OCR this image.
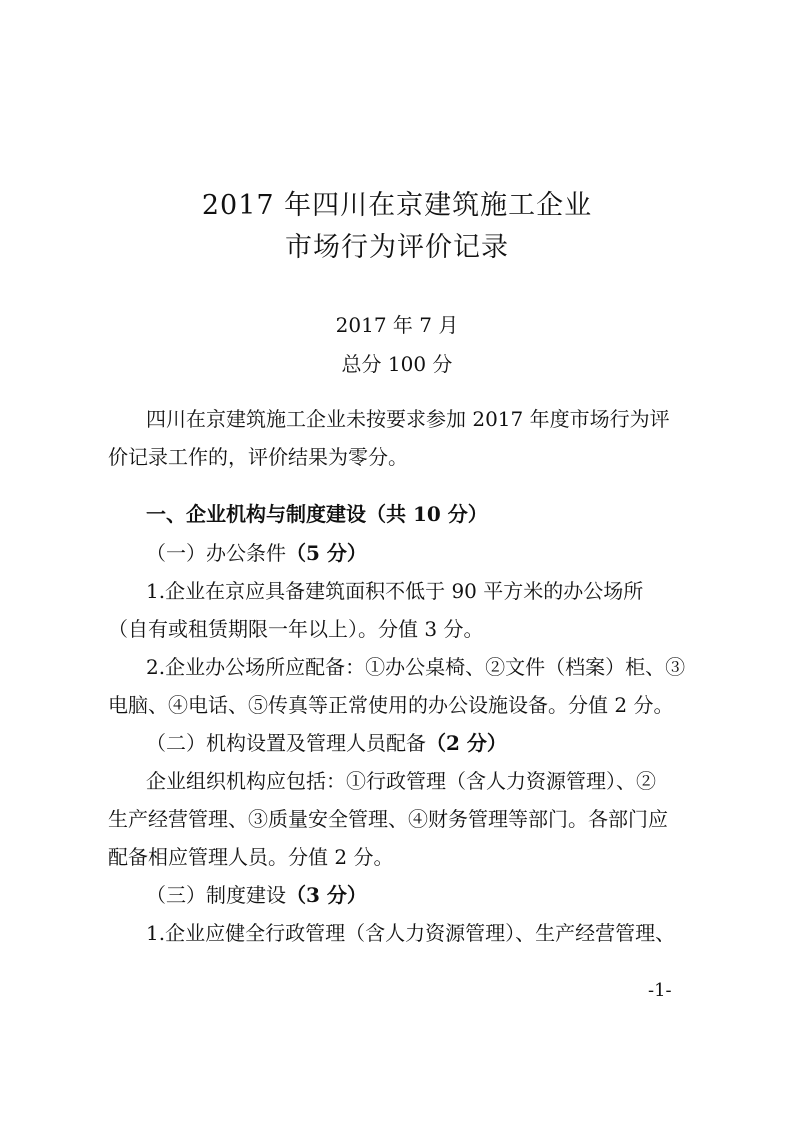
2017 年四川在京建筑施工企业
市场行为评价记录
2017 年 7 月
总分 100 分
四川在京建筑施工企业未按要求参加 2017 年度市场行为评
价记录工作的，评价结果为零分。
一、企业机构与制度建设（共 10 分）
（一）办公条件（5 分）
1.企业在京应具备建筑面积不低于 90 平方米的办公场所
（自有或租赁期限一年以上）。分值 3 分。
2.企业办公场所应配备：①办公桌椅、②文件（档案）柜、③
电脑、④电话、⑤传真等正常使用的办公设施设备。分值 2 分。
（二）机构设置及管理人员配备（2 分）
企业组织机构应包括：①行政管理（含人力资源管理）、②
生产经营管理、③质量安全管理、④财务管理等部门。各部门应
配备相应管理人员。分值 2 分。
（三）制度建设（3 分）
1.企业应健全行政管理（含人力资源管理）、生产经营管理、
-1-
